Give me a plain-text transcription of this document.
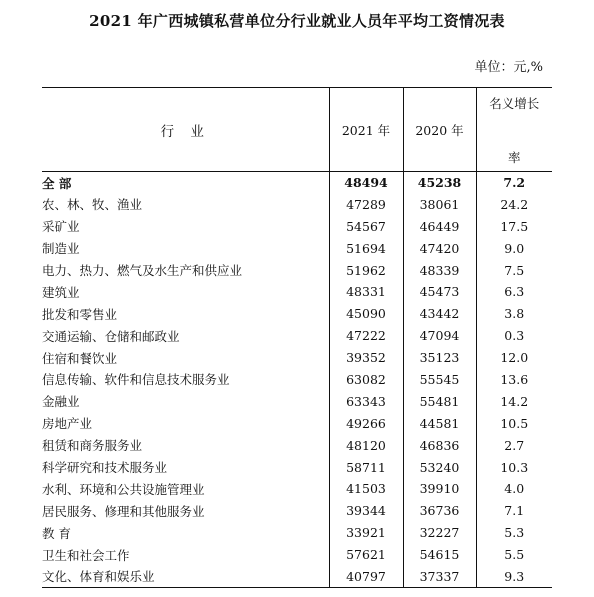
2021 年广西城镇私营单位分行业就业人员年平均工资情况表
单位：元,%
行 业	2021 年	2020 年	名义增长
率

全 部	48494	45238	7.2
农、林、牧、渔业	47289	38061	24.2
采矿业	54567	46449	17.5
制造业	51694	47420	9.0
电力、热力、燃气及水生产和供应业	51962	48339	7.5
建筑业	48331	45473	6.3
批发和零售业	45090	43442	3.8
交通运输、仓储和邮政业	47222	47094	0.3
住宿和餐饮业	39352	35123	12.0
信息传输、软件和信息技术服务业	63082	55545	13.6
金融业	63343	55481	14.2
房地产业	49266	44581	10.5
租赁和商务服务业	48120	46836	2.7
科学研究和技术服务业	58711	53240	10.3
水利、环境和公共设施管理业	41503	39910	4.0
居民服务、修理和其他服务业	39344	36736	7.1
教 育	33921	32227	5.3
卫生和社会工作	57621	54615	5.5
文化、体育和娱乐业	40797	37337	9.3
